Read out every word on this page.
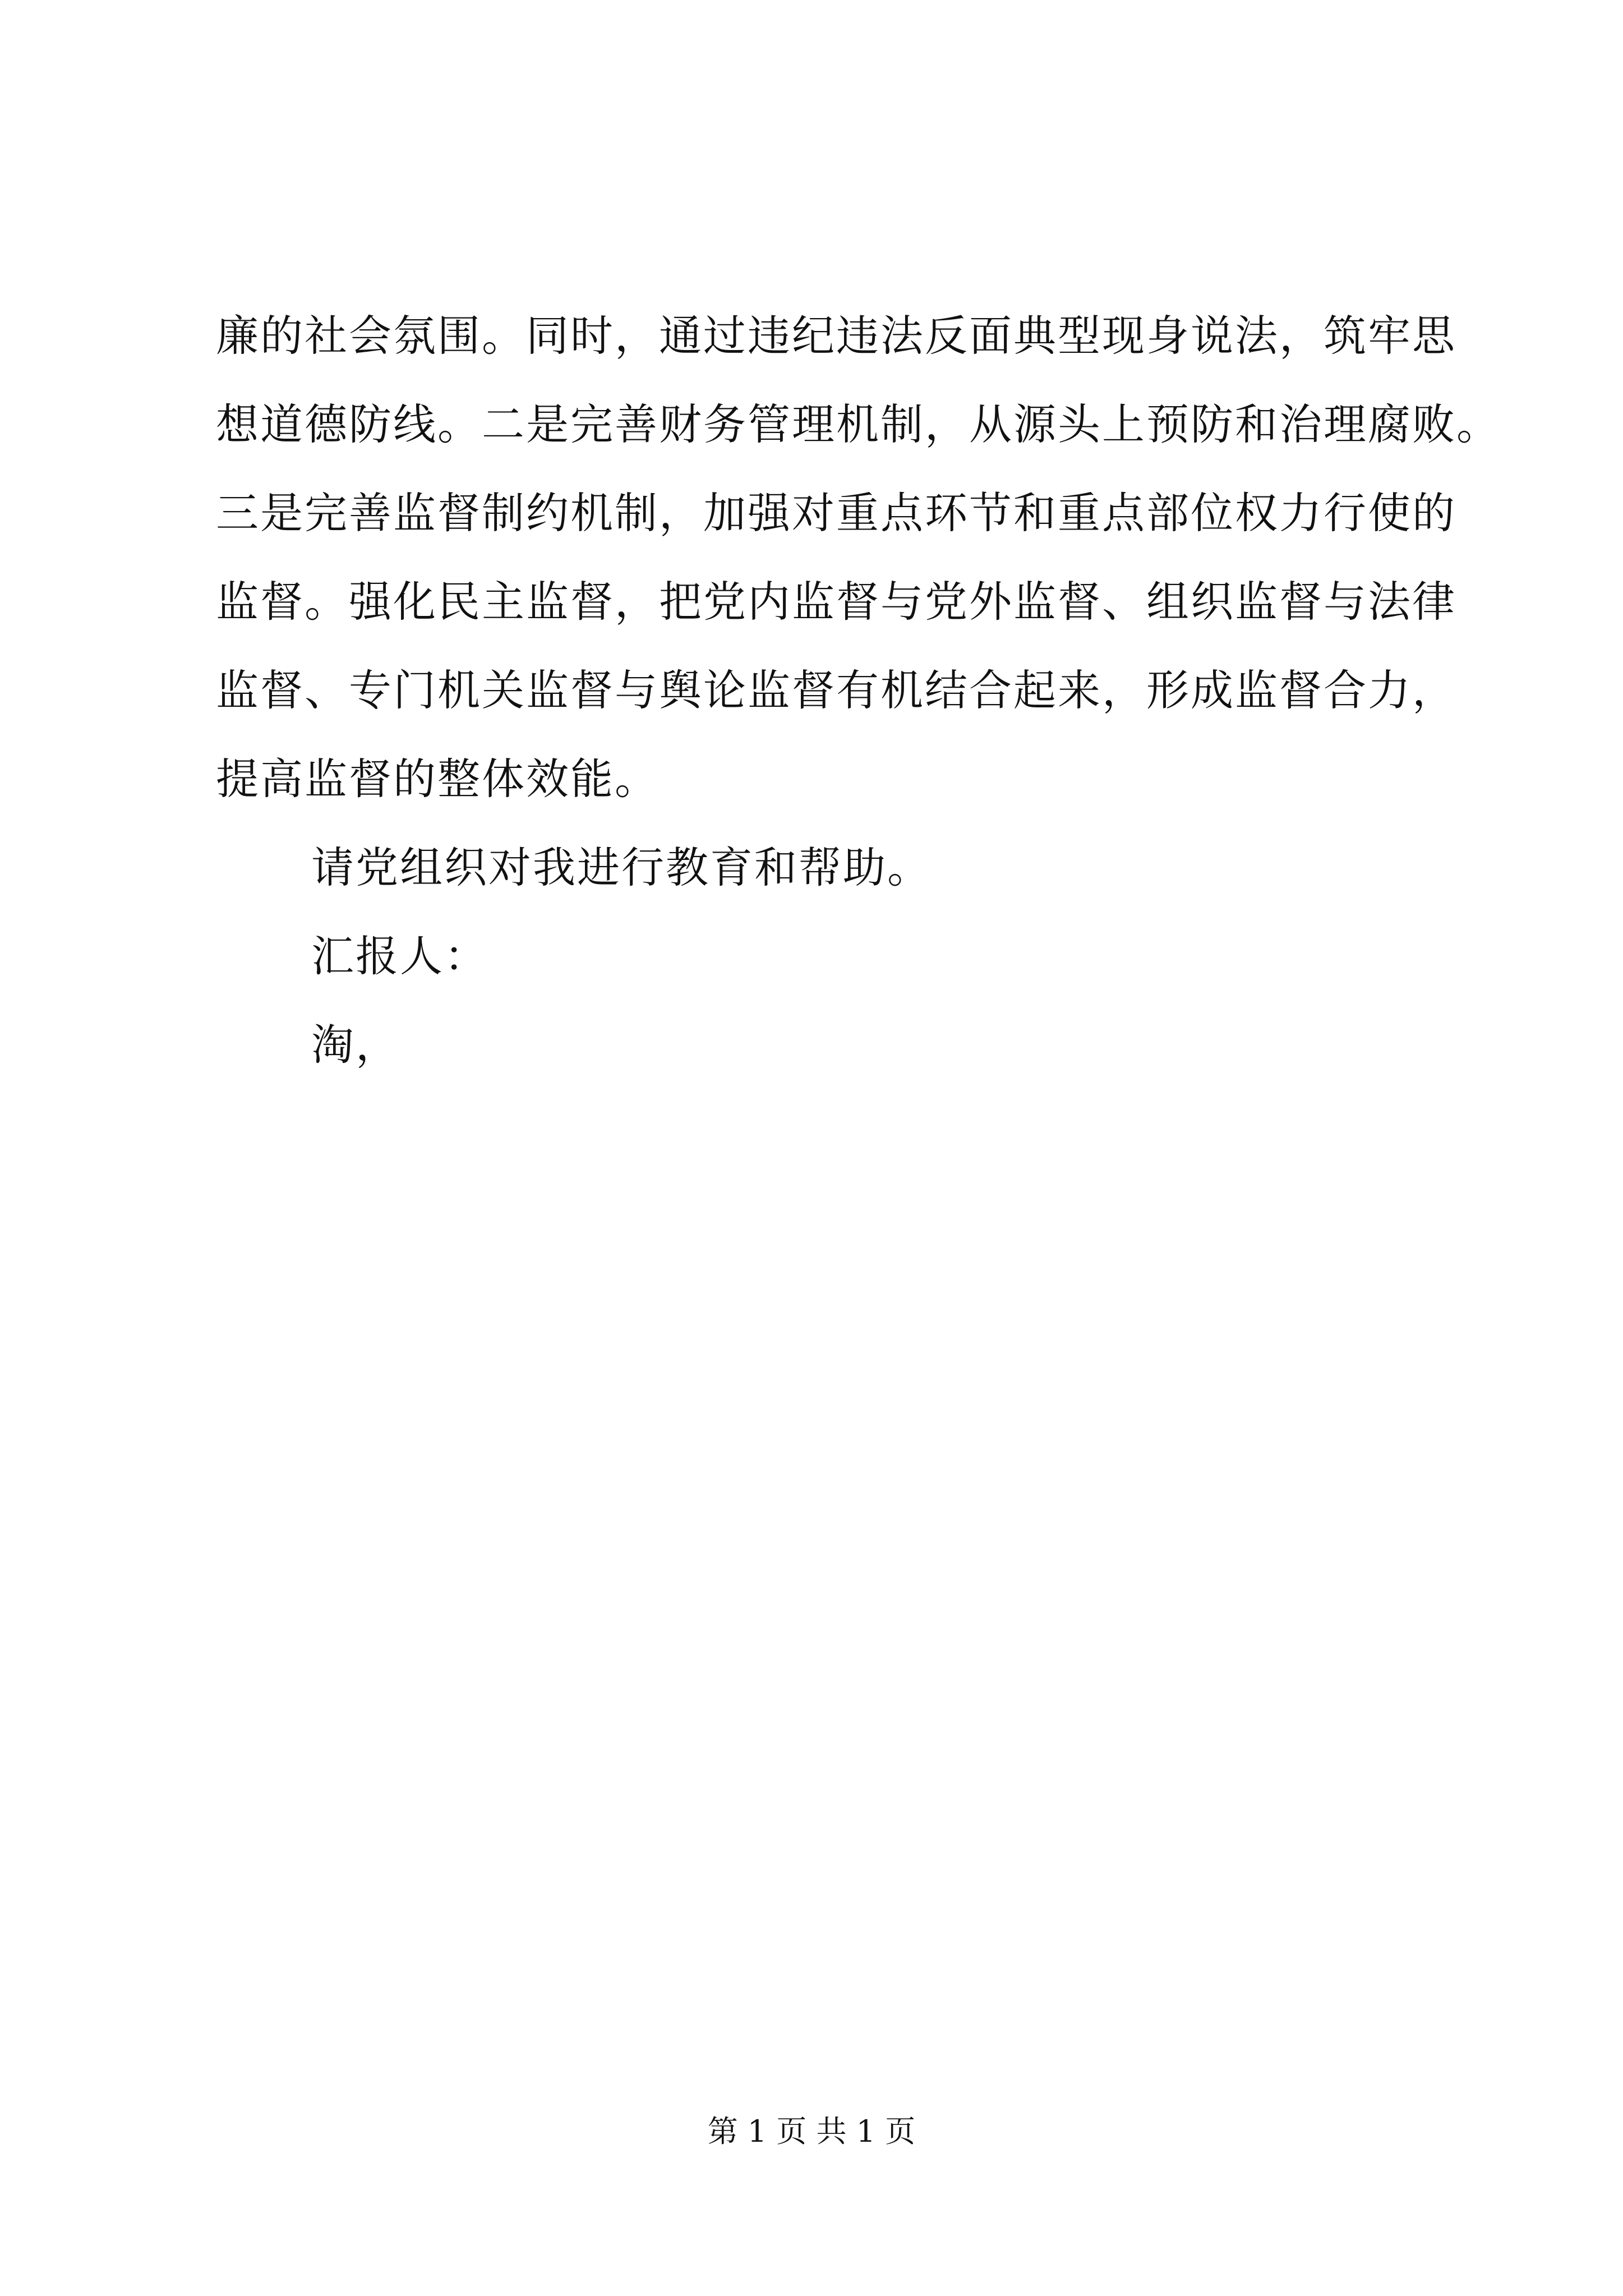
廉的社会氛围。同时，通过违纪违法反面典型现身说法，筑牢思
想道德防线。二是完善财务管理机制，从源头上预防和治理腐败。
三是完善监督制约机制，加强对重点环节和重点部位权力行使的
监督。强化民主监督，把党内监督与党外监督、组织监督与法律
监督、专门机关监督与舆论监督有机结合起来，形成监督合力，
提高监督的整体效能。
请党组织对我进行教育和帮助。
汇报人：
淘，
第 1 页 共 1 页
